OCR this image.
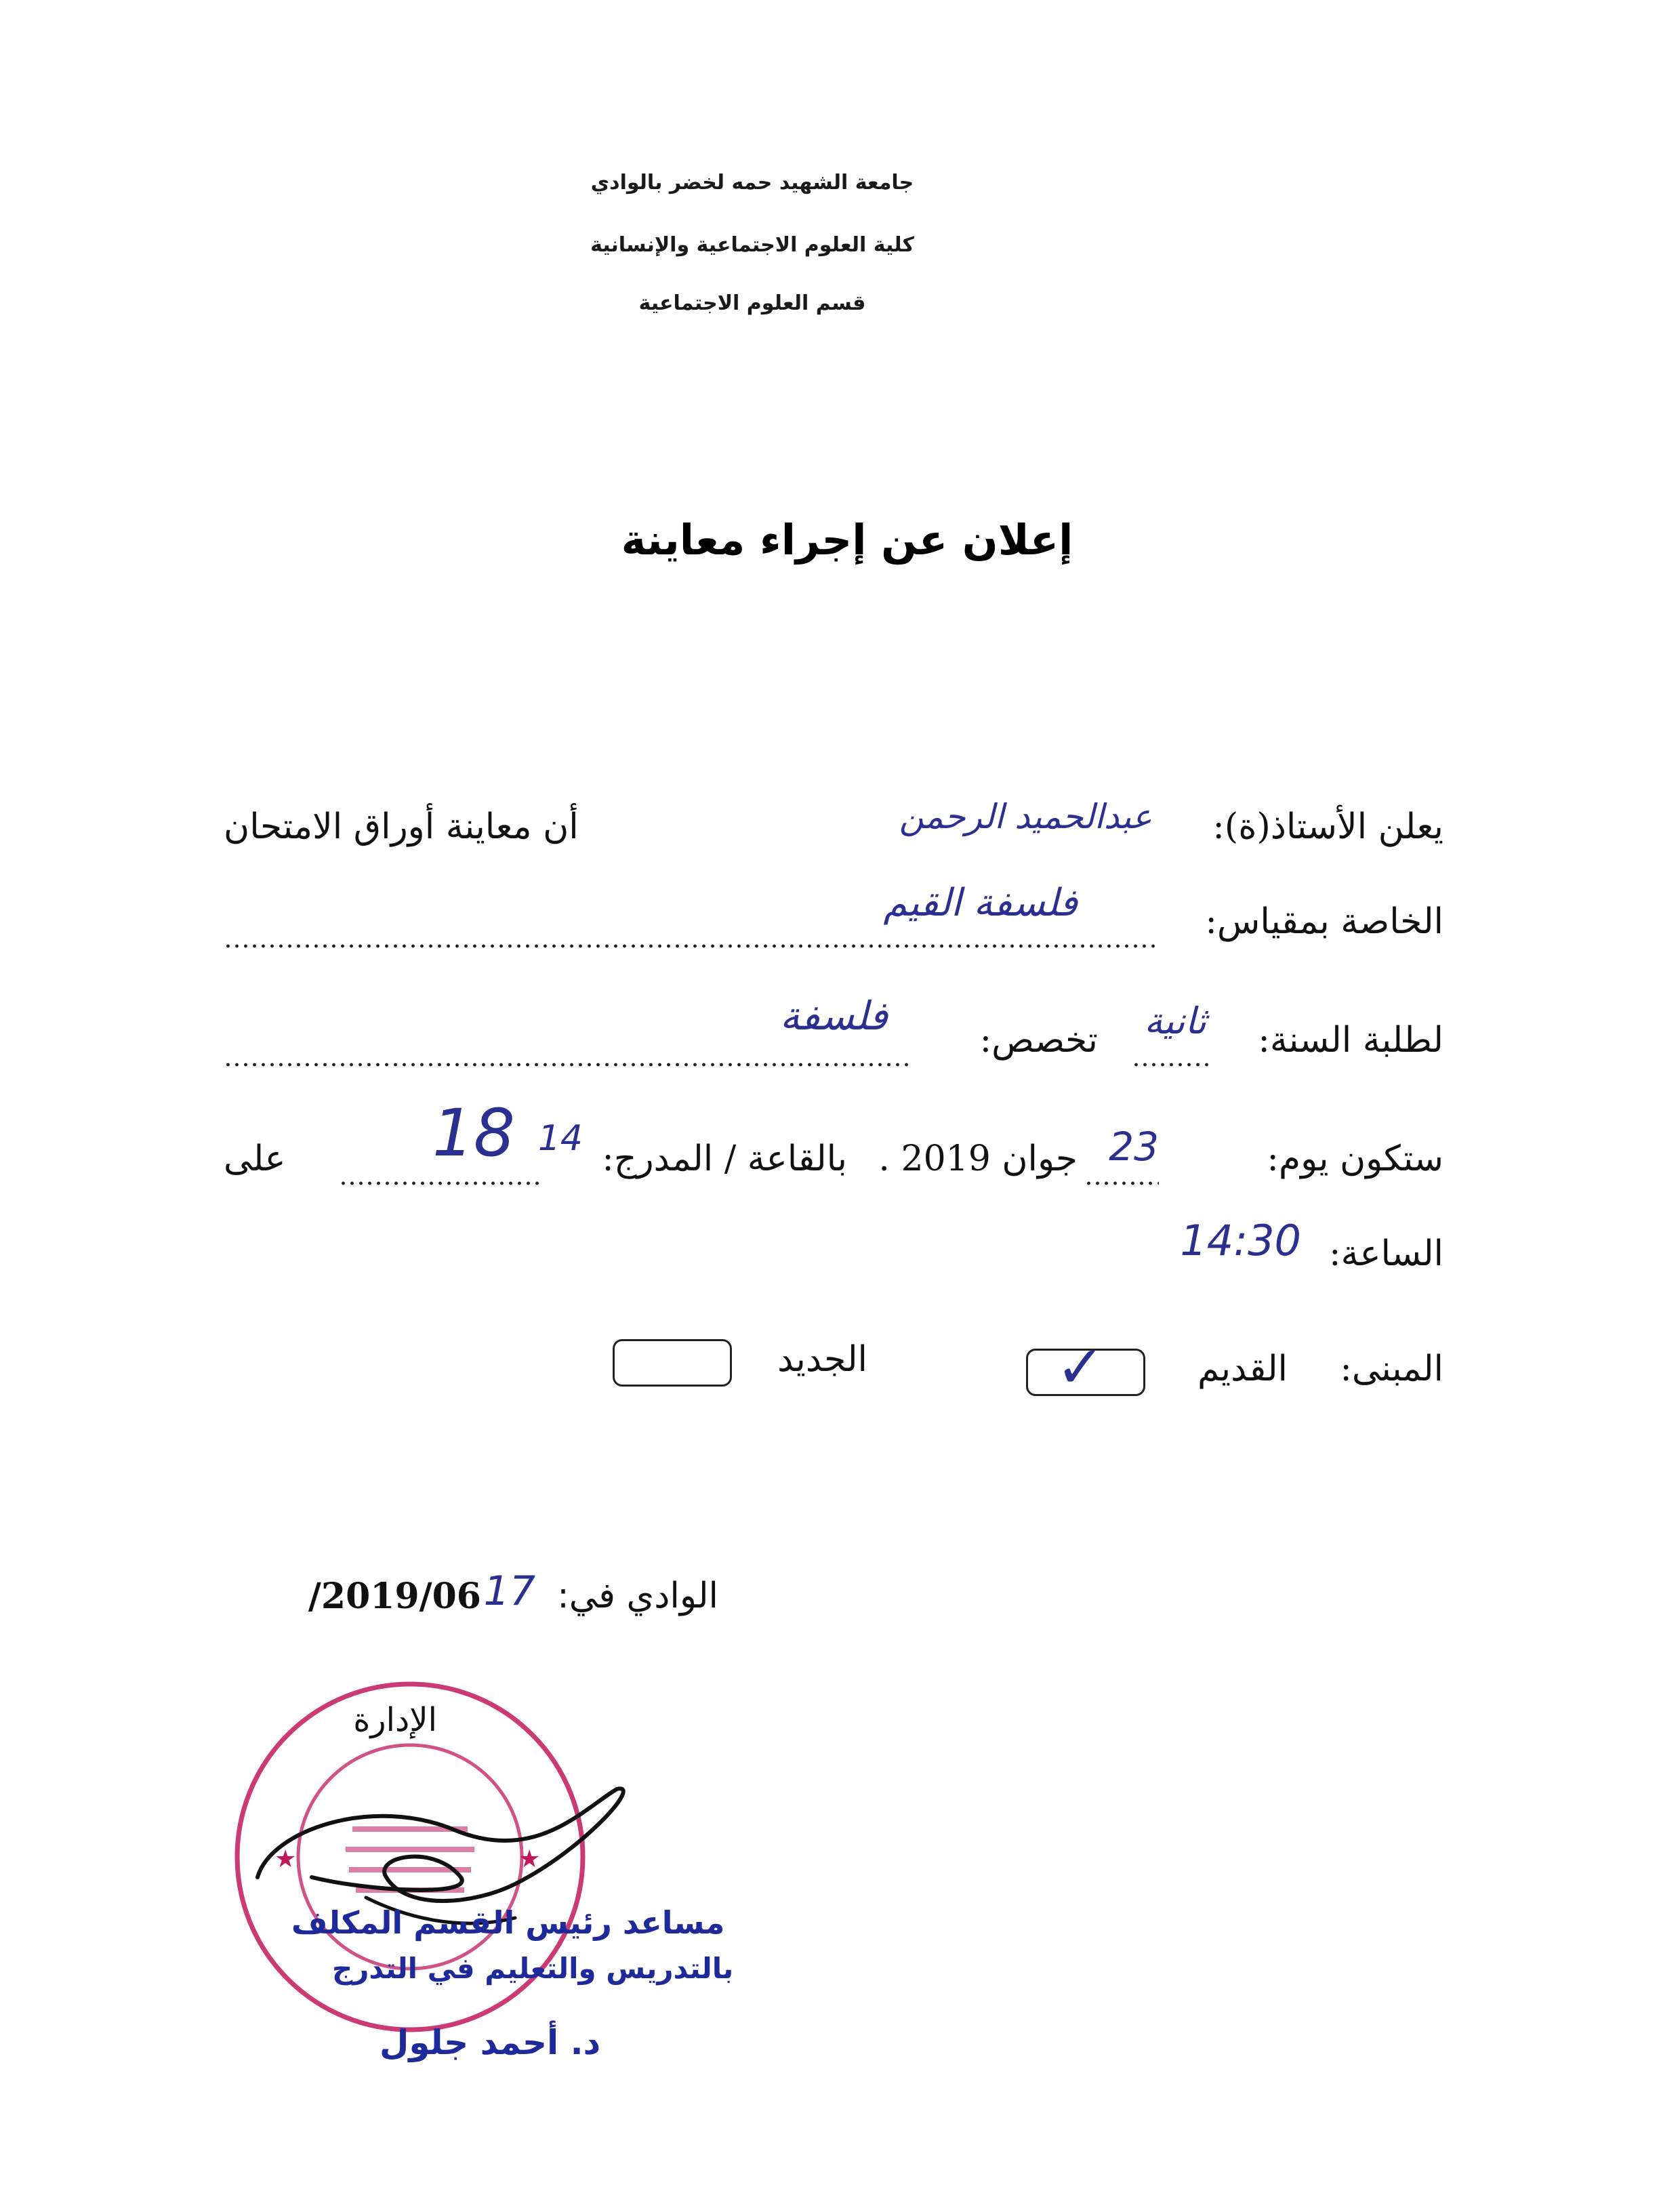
جامعة الشهيد حمه لخضر بالوادي
كلية العلوم الاجتماعية والإنسانية
قسم العلوم الاجتماعية
إعلان عن إجراء معاينة
يعلن الأستاذ(ة):
عبدالحميد الرحمن
أن معاينة أوراق الامتحان
الخاصة بمقياس:
فلسفة القيم
لطلبة السنة:
ثانية
تخصص:
فلسفة
ستكون يوم:
23
جوان 2019 .
بالقاعة / المدرج:
14
18
على
الساعة:
14:30
المبنى:
القديم
✓
الجديد
الوادي في:
17
2019/06/
★	★
الإدارة
مساعد رئيس القسم المكلف
بالتدريس والتعليم في التدرج
د. أحمد جلول
